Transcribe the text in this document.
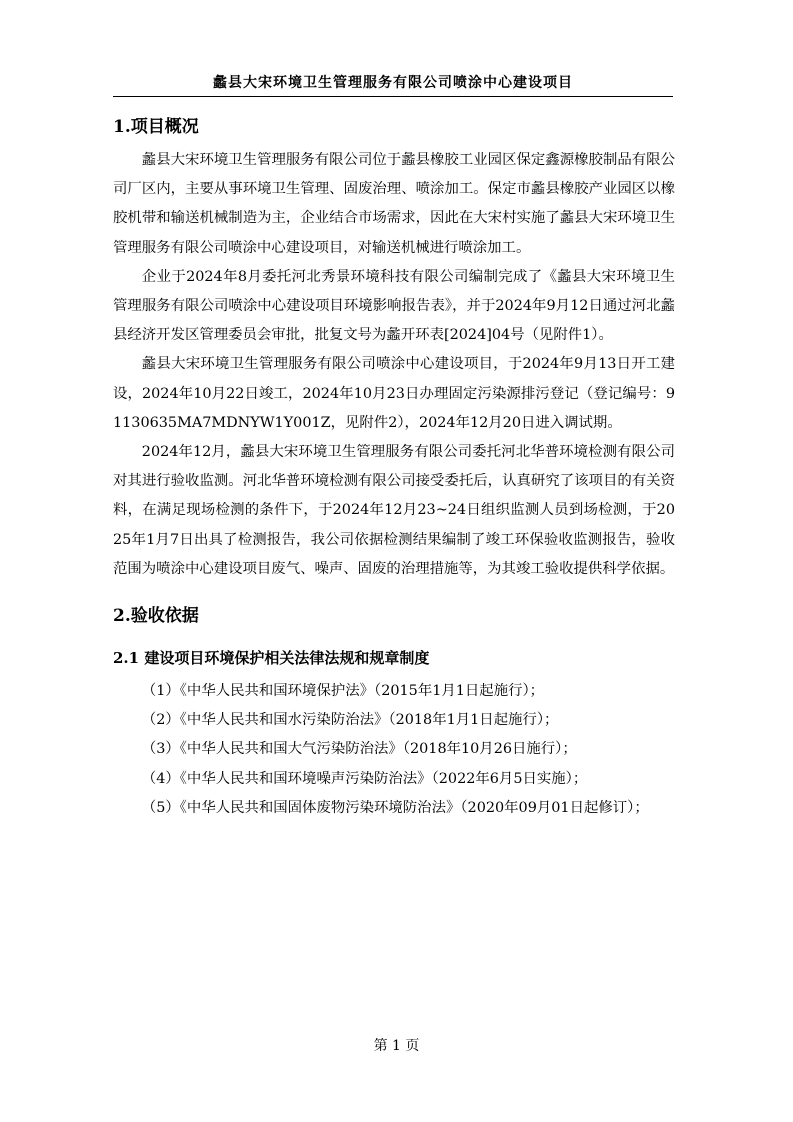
蠡县大宋环境卫生管理服务有限公司喷涂中心建设项目
1.项目概况

蠡县大宋环境卫生管理服务有限公司位于蠡县橡胶工业园区保定鑫源橡胶制品有限公司厂区内，主要从事环境卫生管理、固废治理、喷涂加工。保定市蠡县橡胶产业园区以橡胶机带和输送机械制造为主，企业结合市场需求，因此在大宋村实施了蠡县大宋环境卫生管理服务有限公司喷涂中心建设项目，对输送机械进行喷涂加工。

企业于2024年8月委托河北秀景环境科技有限公司编制完成了《蠡县大宋环境卫生管理服务有限公司喷涂中心建设项目环境影响报告表》，并于2024年9月12日通过河北蠡县经济开发区管理委员会审批，批复文号为蠡开环表[2024]04号（见附件1）。

蠡县大宋环境卫生管理服务有限公司喷涂中心建设项目，于2024年9月13日开工建设，2024年10月22日竣工，2024年10月23日办理固定污染源排污登记（登记编号：91130635MA7MDNYW1Y001Z，见附件2），2024年12月20日进入调试期。

2024年12月，蠡县大宋环境卫生管理服务有限公司委托河北华普环境检测有限公司对其进行验收监测。河北华普环境检测有限公司接受委托后，认真研究了该项目的有关资料，在满足现场检测的条件下，于2024年12月23~24日组织监测人员到场检测，于2025年1月7日出具了检测报告，我公司依据检测结果编制了竣工环保验收监测报告，验收范围为喷涂中心建设项目废气、噪声、固废的治理措施等，为其竣工验收提供科学依据。

2.验收依据
2.1 建设项目环境保护相关法律法规和规章制度

（1）《中华人民共和国环境保护法》（2015年1月1日起施行）；

（2）《中华人民共和国水污染防治法》（2018年1月1日起施行）；

（3）《中华人民共和国大气污染防治法》（2018年10月26日施行）；

（4）《中华人民共和国环境噪声污染防治法》（2022年6月5日实施）；

（5）《中华人民共和国固体废物污染环境防治法》（2020年09月01日起修订）；

第 1 页
